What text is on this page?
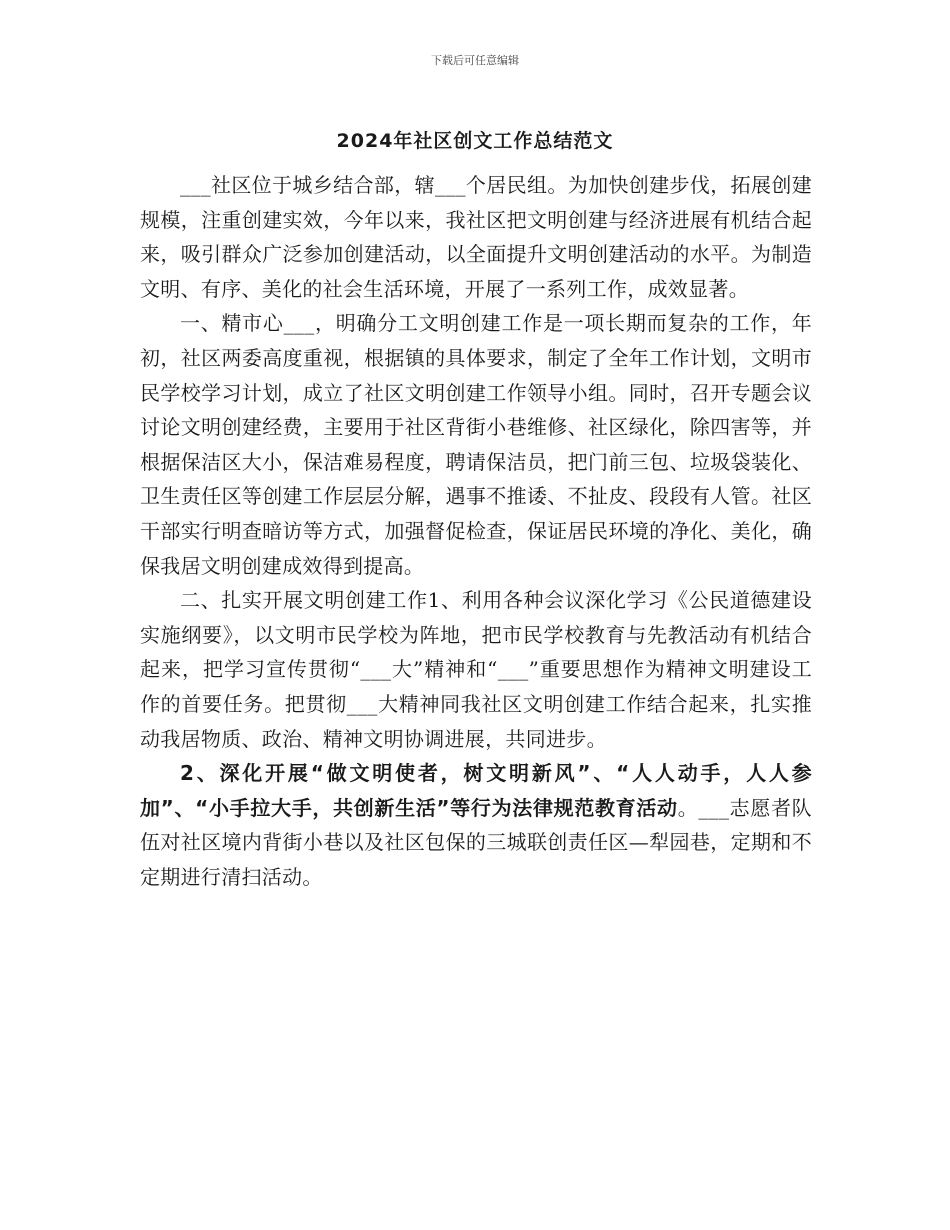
下载后可任意编辑
2024年社区创文工作总结范文

___社区位于城乡结合部，辖___个居民组。为加快创建步伐，拓展创建规模，注重创建实效，今年以来，我社区把文明创建与经济进展有机结合起来，吸引群众广泛参加创建活动，以全面提升文明创建活动的水平。为制造文明、有序、美化的社会生活环境，开展了一系列工作，成效显著。

一、精市心___，明确分工文明创建工作是一项长期而复杂的工作，年初，社区两委高度重视，根据镇的具体要求，制定了全年工作计划，文明市民学校学习计划，成立了社区文明创建工作领导小组。同时，召开专题会议讨论文明创建经费，主要用于社区背街小巷维修、社区绿化，除四害等，并根据保洁区大小，保洁难易程度，聘请保洁员，把门前三包、垃圾袋装化、卫生责任区等创建工作层层分解，遇事不推诿、不扯皮、段段有人管。社区干部实行明查暗访等方式，加强督促检查，保证居民环境的净化、美化，确保我居文明创建成效得到提高。

二、扎实开展文明创建工作1、利用各种会议深化学习《公民道德建设实施纲要》，以文明市民学校为阵地，把市民学校教育与先教活动有机结合起来，把学习宣传贯彻“___大”精神和“___”重要思想作为精神文明建设工作的首要任务。把贯彻___大精神同我社区文明创建工作结合起来，扎实推动我居物质、政治、精神文明协调进展，共同进步。

2、深化开展“做文明使者，树文明新风”、“人人动手，人人参加”、“小手拉大手，共创新生活”等行为法律规范教育活动。___志愿者队伍对社区境内背街小巷以及社区包保的三城联创责任区—犁园巷，定期和不定期进行清扫活动。
